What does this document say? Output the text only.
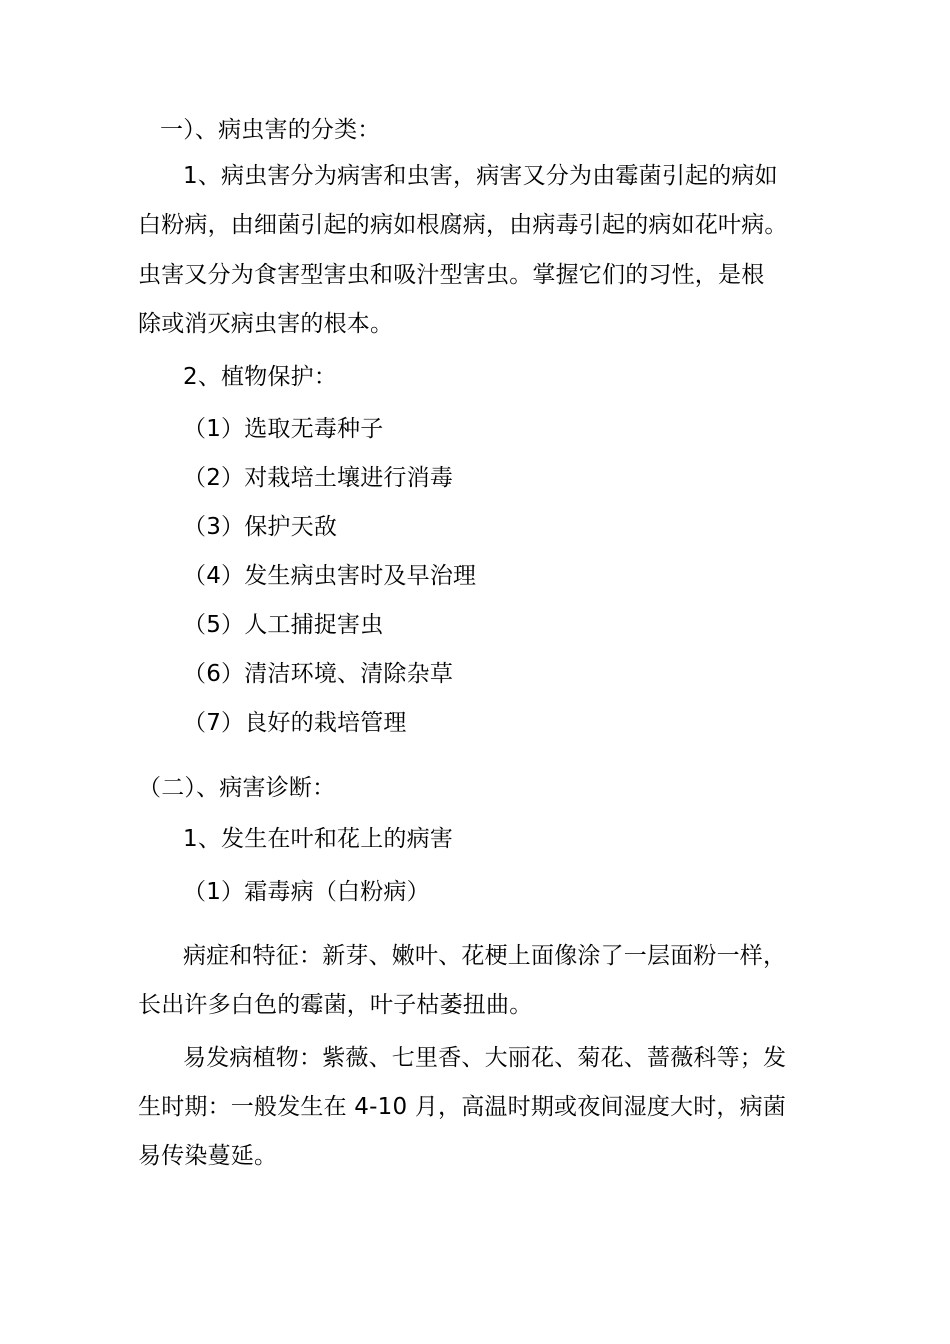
一）、病虫害的分类：
1、病虫害分为病害和虫害，病害又分为由霉菌引起的病如
白粉病，由细菌引起的病如根腐病，由病毒引起的病如花叶病。
虫害又分为食害型害虫和吸汁型害虫。掌握它们的习性，是根
除或消灭病虫害的根本。
2、植物保护：
（1）选取无毒种子
（2）对栽培土壤进行消毒
（3）保护天敌
（4）发生病虫害时及早治理
（5）人工捕捉害虫
（6）清洁环境、清除杂草
（7）良好的栽培管理
（二）、病害诊断：
1、发生在叶和花上的病害
（1）霜毒病（白粉病）
病症和特征：新芽、嫩叶、花梗上面像涂了一层面粉一样，
长出许多白色的霉菌，叶子枯萎扭曲。
易发病植物：紫薇、七里香、大丽花、菊花、蔷薇科等；发
生时期：一般发生在 4-10 月，高温时期或夜间湿度大时，病菌
易传染蔓延。
